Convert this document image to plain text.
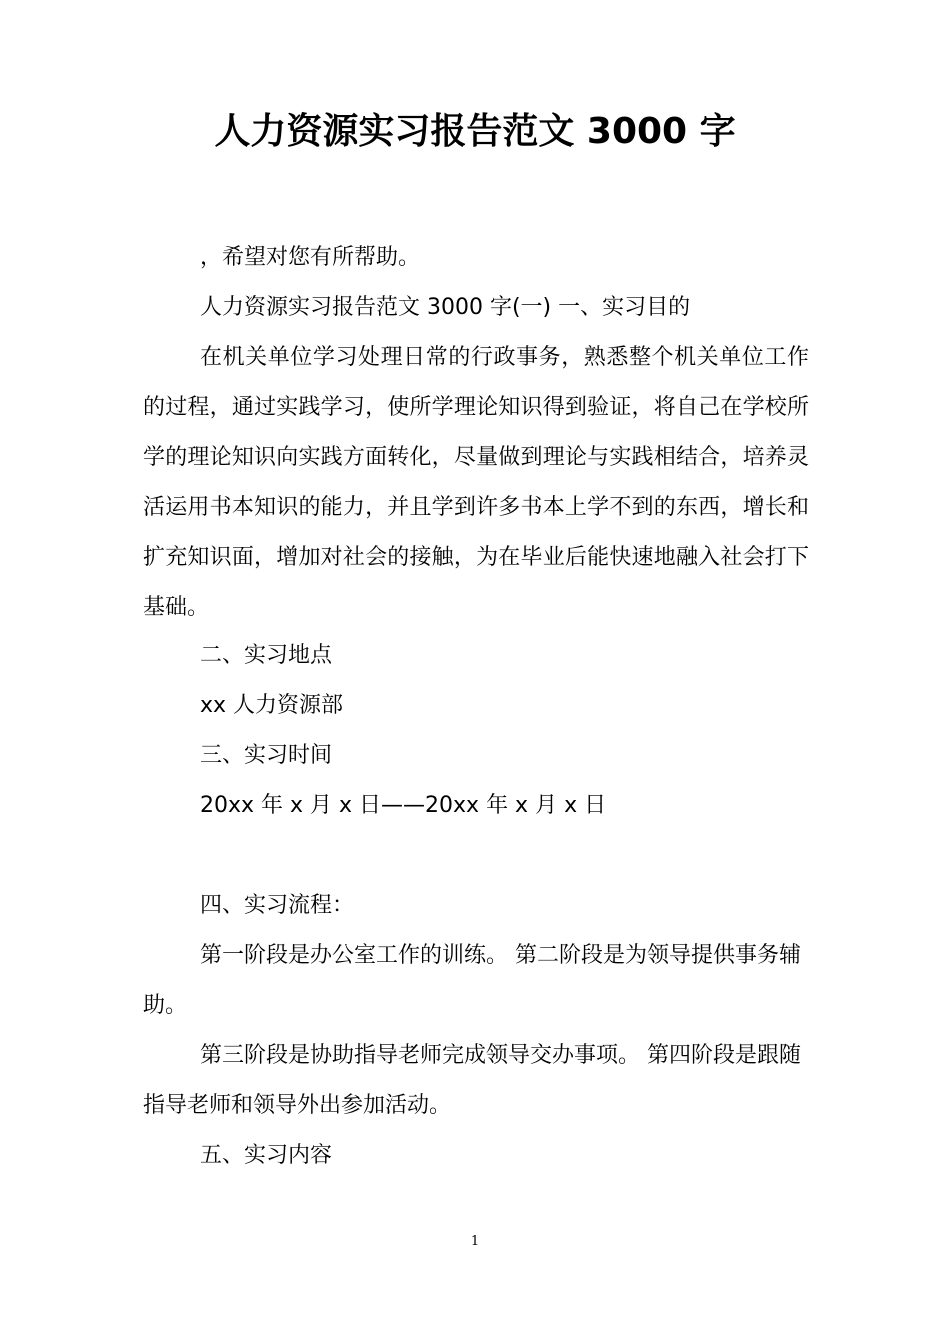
人力资源实习报告范文 3000 字

，希望对您有所帮助。

人力资源实习报告范文 3000 字(一) 一、实习目的

在机关单位学习处理日常的行政事务，熟悉整个机关单位工作的过程，通过实践学习，使所学理论知识得到验证，将自己在学校所学的理论知识向实践方面转化，尽量做到理论与实践相结合，培养灵活运用书本知识的能力，并且学到许多书本上学不到的东西，增长和扩充知识面，增加对社会的接触，为在毕业后能快速地融入社会打下基础。

二、实习地点

xx 人力资源部

三、实习时间

20xx 年 x 月 x 日——20xx 年 x 月 x 日

四、实习流程：

第一阶段是办公室工作的训练。 第二阶段是为领导提供事务辅助。

第三阶段是协助指导老师完成领导交办事项。 第四阶段是跟随指导老师和领导外出参加活动。

五、实习内容

1
